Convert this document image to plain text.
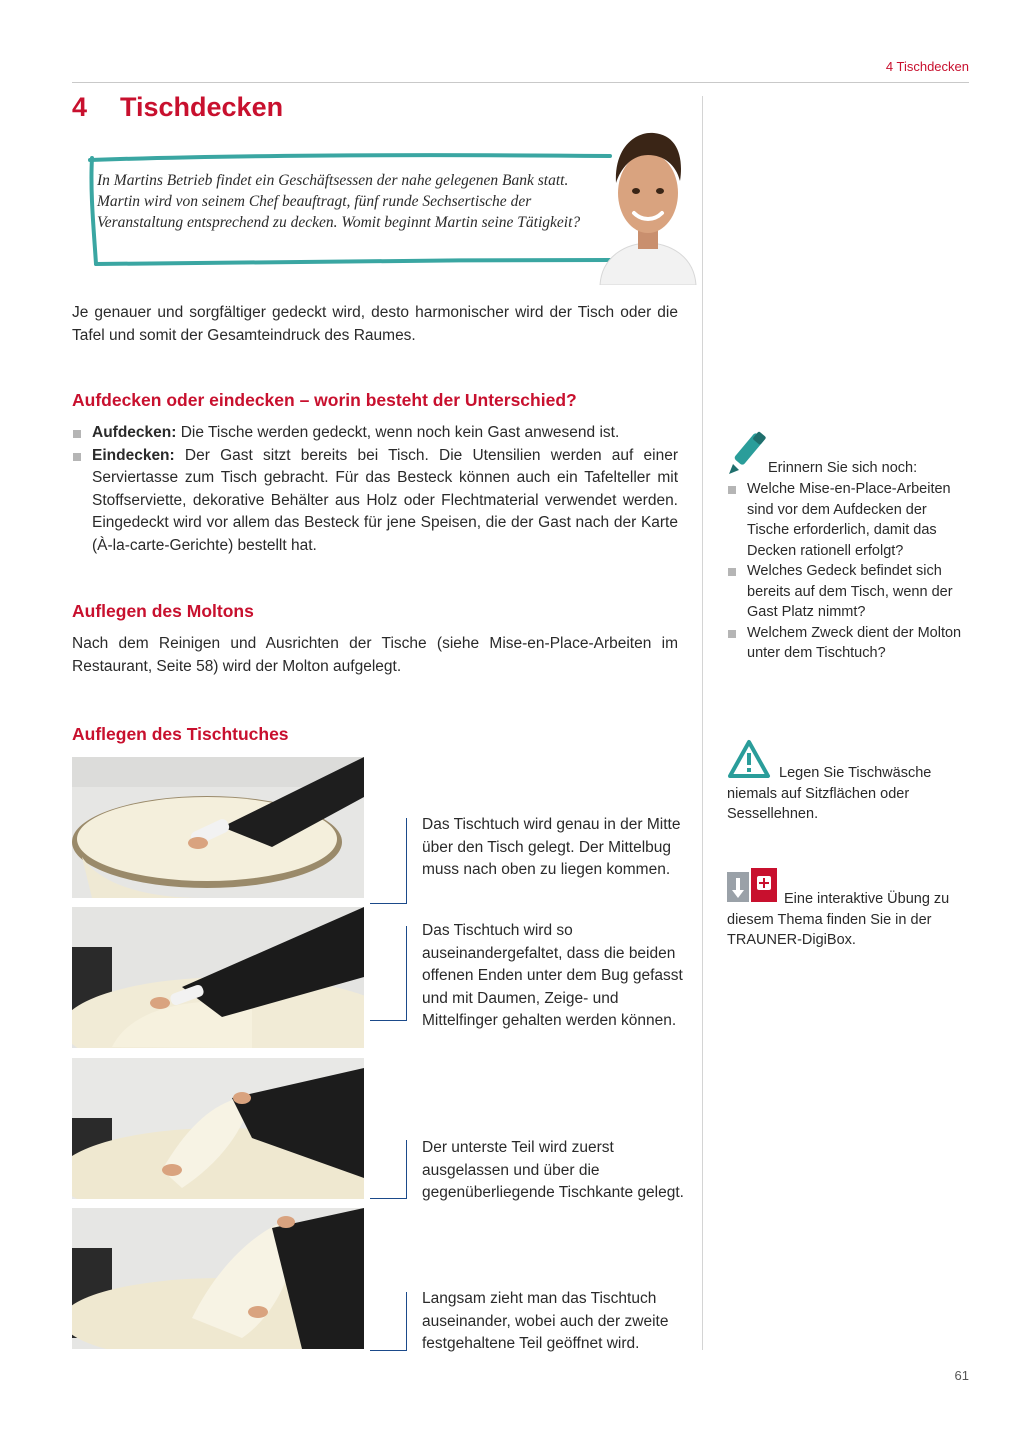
4 Tischdecken
4 Tischdecken
In Martins Betrieb findet ein Geschäftsessen der nahe gelegenen Bank statt. Martin wird von seinem Chef beauftragt, fünf runde Sechsertische der Veranstaltung entsprechend zu decken. Womit beginnt Martin seine Tätigkeit?
Je genauer und sorgfältiger gedeckt wird, desto harmonischer wird der Tisch oder die Tafel und somit der Gesamteindruck des Raumes.
Aufdecken oder eindecken – worin besteht der Unterschied?
Aufdecken: Die Tische werden gedeckt, wenn noch kein Gast anwesend ist.
Eindecken: Der Gast sitzt bereits bei Tisch. Die Utensilien werden auf einer Serviertasse zum Tisch gebracht. Für das Besteck können auch ein Tafelteller mit Stoffserviette, dekorative Behälter aus Holz oder Flechtmaterial verwendet werden. Eingedeckt wird vor allem das Besteck für jene Speisen, die der Gast nach der Karte (À-la-carte-Gerichte) bestellt hat.
Auflegen des Moltons
Nach dem Reinigen und Ausrichten der Tische (siehe Mise-en-Place-Arbeiten im Restaurant, Seite 58) wird der Molton aufgelegt.
Auflegen des Tischtuches
Das Tischtuch wird genau in der Mitte über den Tisch gelegt. Der Mittelbug muss nach oben zu liegen kommen.
Das Tischtuch wird so auseinandergefaltet, dass die beiden offenen Enden unter dem Bug gefasst und mit Daumen, Zeige- und Mittelfinger gehalten werden können.
Der unterste Teil wird zuerst ausgelassen und über die gegenüberliegende Tischkante gelegt.
Langsam zieht man das Tischtuch auseinander, wobei auch der zweite festgehaltene Teil geöffnet wird.
Erinnern Sie sich noch:
Welche Mise-en-Place-Arbeiten sind vor dem Aufdecken der Tische erforderlich, damit das Decken rationell erfolgt?
Welches Gedeck befindet sich bereits auf dem Tisch, wenn der Gast Platz nimmt?
Welchem Zweck dient der Molton unter dem Tischtuch?
Legen Sie Tischwäsche niemals auf Sitzflächen oder Sessellehnen.
Eine interaktive Übung zu diesem Thema finden Sie in der TRAUNER-DigiBox.
61
